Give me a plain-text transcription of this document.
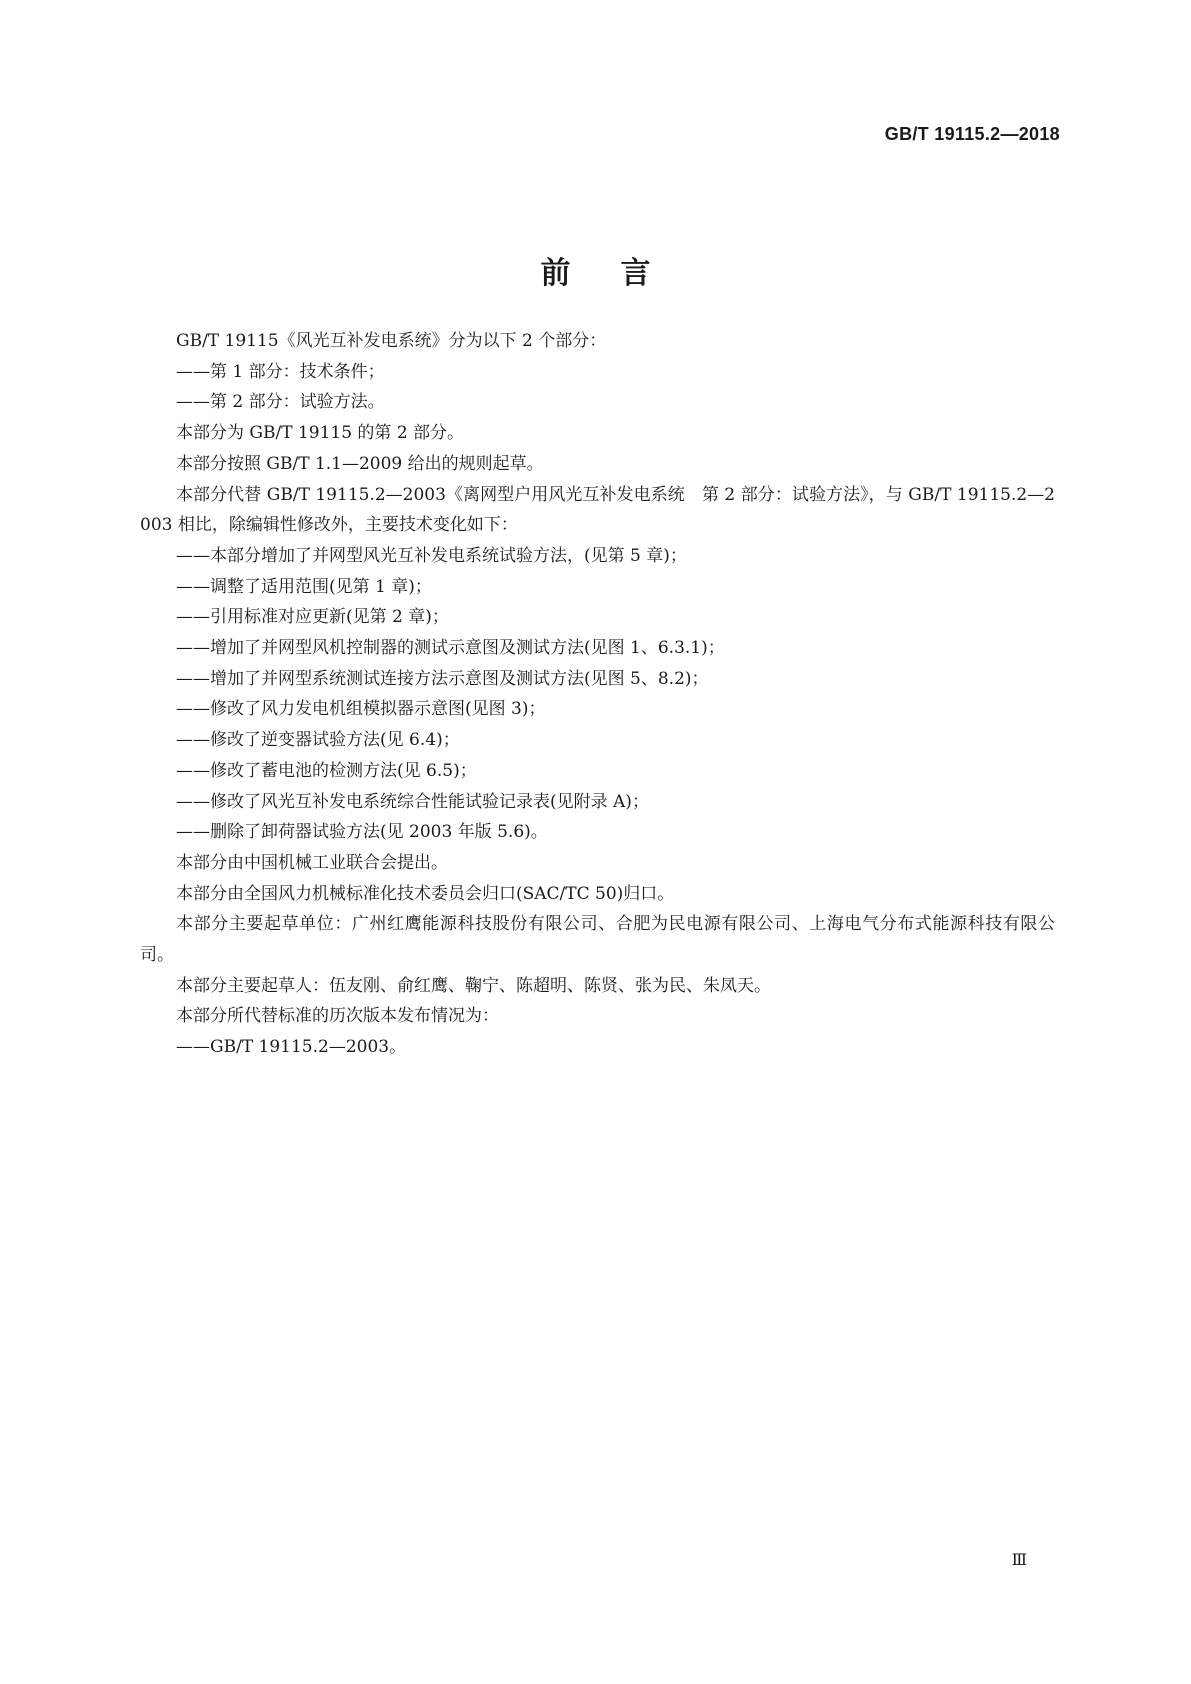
GB/T 19115.2—2018
前言

GB/T 19115《风光互补发电系统》分为以下 2 个部分：

——第 1 部分：技术条件；

——第 2 部分：试验方法。

本部分为 GB/T 19115 的第 2 部分。

本部分按照 GB/T 1.1—2009 给出的规则起草。

本部分代替 GB/T 19115.2—2003《离网型户用风光互补发电系统　第 2 部分：试验方法》，与 GB/T 19115.2—2003 相比，除编辑性修改外，主要技术变化如下：

——本部分增加了并网型风光互补发电系统试验方法，(见第 5 章)；

——调整了适用范围(见第 1 章)；

——引用标准对应更新(见第 2 章)；

——增加了并网型风机控制器的测试示意图及测试方法(见图 1、6.3.1)；

——增加了并网型系统测试连接方法示意图及测试方法(见图 5、8.2)；

——修改了风力发电机组模拟器示意图(见图 3)；

——修改了逆变器试验方法(见 6.4)；

——修改了蓄电池的检测方法(见 6.5)；

——修改了风光互补发电系统综合性能试验记录表(见附录 A)；

——删除了卸荷器试验方法(见 2003 年版 5.6)。

本部分由中国机械工业联合会提出。

本部分由全国风力机械标准化技术委员会归口(SAC/TC 50)归口。

本部分主要起草单位：广州红鹰能源科技股份有限公司、合肥为民电源有限公司、上海电气分布式能源科技有限公司。

本部分主要起草人：伍友刚、俞红鹰、鞠宁、陈超明、陈贤、张为民、朱凤天。

本部分所代替标准的历次版本发布情况为：

——GB/T 19115.2—2003。

Ⅲ
